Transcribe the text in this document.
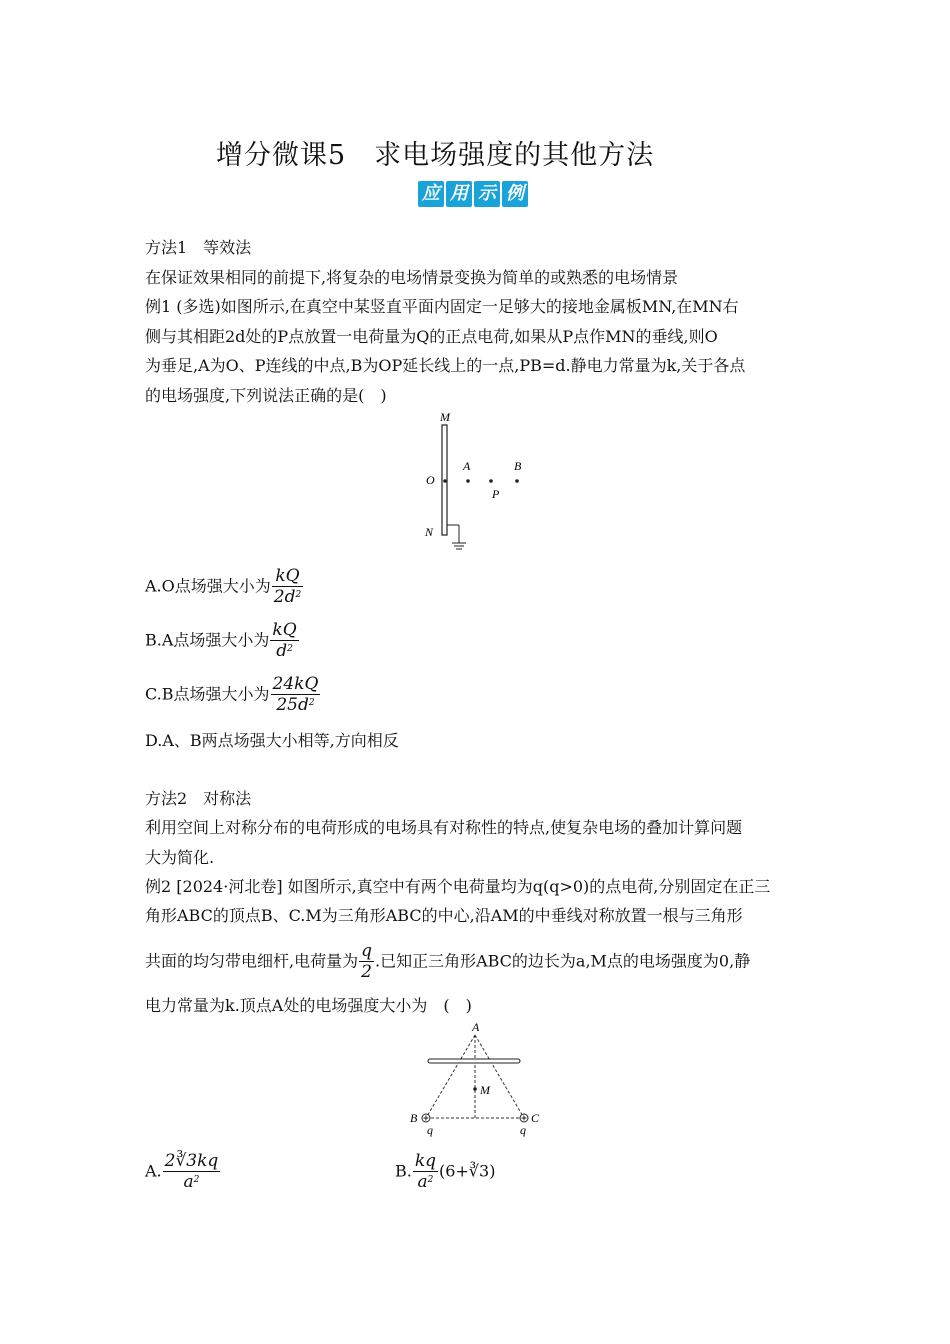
增分微课5　求电场强度的其他方法
应 用 示 例
方法1　等效法
在保证效果相同的前提下,将复杂的电场情景变换为简单的或熟悉的电场情景
例1 (多选)如图所示,在真空中某竖直平面内固定一足够大的接地金属板MN,在MN右
侧与其相距2d处的P点放置一电荷量为Q的正点电荷,如果从P点作MN的垂线,则O
为垂足,A为O、P连线的中点,B为OP延长线上的一点,PB=d.静电力常量为k,关于各点
的电场强度,下列说法正确的是(　)
M
O
A
P
B
N
A.O点场强大小为 $\frac{kQ}{2d^2}$
B.A点场强大小为 $\frac{kQ}{d^2}$
C.B点场强大小为 $\frac{24kQ}{25d^2}$
D.A、B两点场强大小相等,方向相反
方法2　对称法
利用空间上对称分布的电荷形成的电场具有对称性的特点,使复杂电场的叠加计算问题
大为简化.
例2 [2024·河北卷] 如图所示,真空中有两个电荷量均为q(q>0)的点电荷,分别固定在正三
角形ABC的顶点B、C.M为三角形ABC的中心,沿AM的中垂线对称放置一根与三角形
共面的均匀带电细杆,电荷量为 $\frac{q}{2}$ .已知正三角形ABC的边长为a,M点的电场强度为0,静
电力常量为k.顶点A处的电场强度大小为　(　)
A
M
B	C
q	q
A. $\frac{2∛3kq}{a^2}$	B. $\frac{kq}{a^2}$ (6+∛3)
